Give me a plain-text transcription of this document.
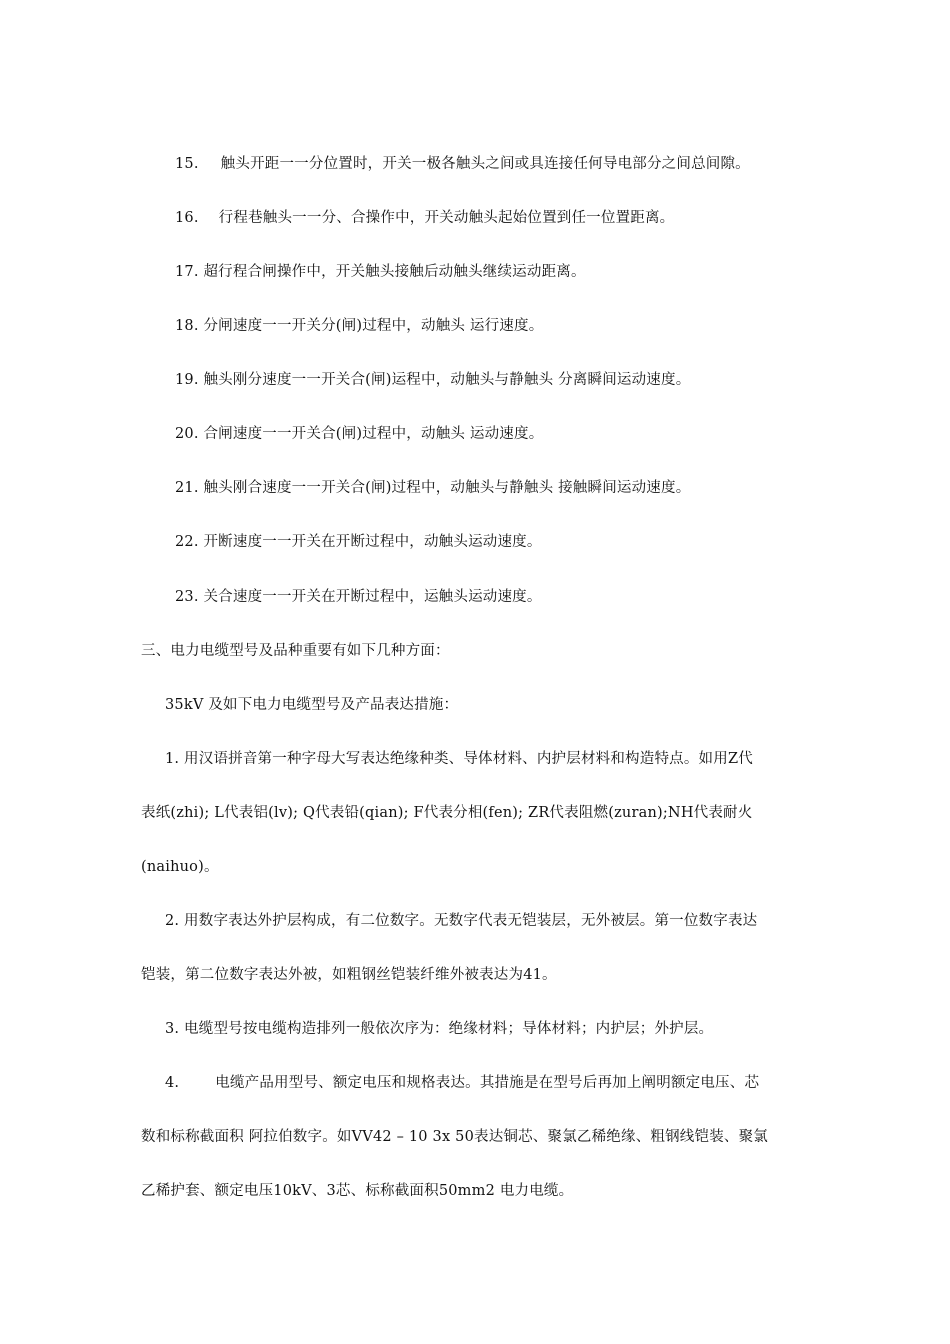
15. 触头开距一一分位置时，开关一极各触头之间或具连接任何导电部分之间总间隙。
16. 行程巷触头一一分、合操作中，开关动触头起始位置到任一位置距离。
17. 超行程合闸操作中，开关触头接触后动触头继续运动距离。
18. 分闸速度一一开关分(闸)过程中，动触头 运行速度。
19. 触头刚分速度一一开关合(闸)运程中，动触头与静触头 分离瞬间运动速度。
20. 合闸速度一一开关合(闸)过程中，动触头 运动速度。
21. 触头刚合速度一一开关合(闸)过程中，动触头与静触头 接触瞬间运动速度。
22. 开断速度一一开关在开断过程中，动触头运动速度。
23. 关合速度一一开关在开断过程中，运触头运动速度。
三、电力电缆型号及品种重要有如下几种方面：
35kV 及如下电力电缆型号及产品表达措施：
1. 用汉语拼音第一种字母大写表达绝缘种类、导体材料、内护层材料和构造特点。如用Z代
表纸(zhi); L代表铝(lv); Q代表铅(qian); F代表分相(fen); ZR代表阻燃(zuran);NH代表耐火
(naihuo)。
2. 用数字表达外护层构成，有二位数字。无数字代表无铠装层，无外被层。第一位数字表达
铠装，第二位数字表达外被，如粗钢丝铠装纤维外被表达为41。
3. 电缆型号按电缆构造排列一般依次序为：绝缘材料；导体材料；内护层；外护层。
4. 电缆产品用型号、额定电压和规格表达。其措施是在型号后再加上阐明额定电压、芯
数和标称截面积 阿拉伯数字。如VV42 – 10 3x 50表达铜芯、聚氯乙稀绝缘、粗钢线铠装、聚氯
乙稀护套、额定电压10kV、3芯、标称截面积50mm2 电力电缆。
